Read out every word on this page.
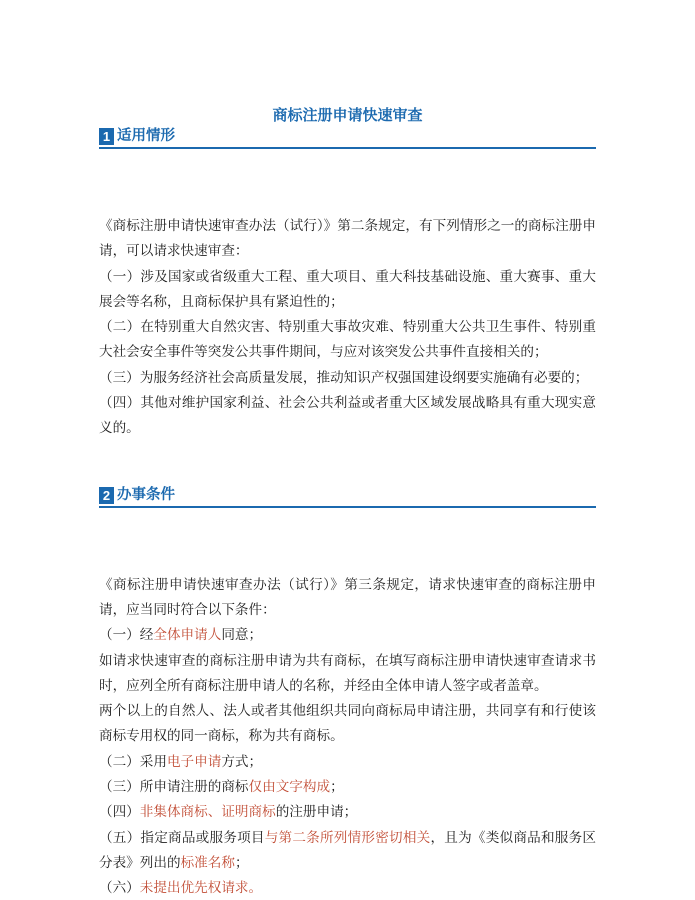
商标注册申请快速审查
1 适用情形

《商标注册申请快速审查办法（试行）》第二条规定，有下列情形之一的商标注册申请，可以请求快速审查：

（一）涉及国家或省级重大工程、重大项目、重大科技基础设施、重大赛事、重大展会等名称，且商标保护具有紧迫性的；

（二）在特别重大自然灾害、特别重大事故灾难、特别重大公共卫生事件、特别重大社会安全事件等突发公共事件期间，与应对该突发公共事件直接相关的；

（三）为服务经济社会高质量发展，推动知识产权强国建设纲要实施确有必要的；

（四）其他对维护国家利益、社会公共利益或者重大区域发展战略具有重大现实意义的。

2 办事条件

《商标注册申请快速审查办法（试行）》第三条规定，请求快速审查的商标注册申请，应当同时符合以下条件：

（一）经全体申请人同意；

如请求快速审查的商标注册申请为共有商标，在填写商标注册申请快速审查请求书时，应列全所有商标注册申请人的名称，并经由全体申请人签字或者盖章。

两个以上的自然人、法人或者其他组织共同向商标局申请注册，共同享有和行使该商标专用权的同一商标，称为共有商标。

（二）采用电子申请方式；

（三）所申请注册的商标仅由文字构成；

（四）非集体商标、证明商标的注册申请；

（五）指定商品或服务项目与第二条所列情形密切相关，且为《类似商品和服务区分表》列出的标准名称；

（六）未提出优先权请求。
